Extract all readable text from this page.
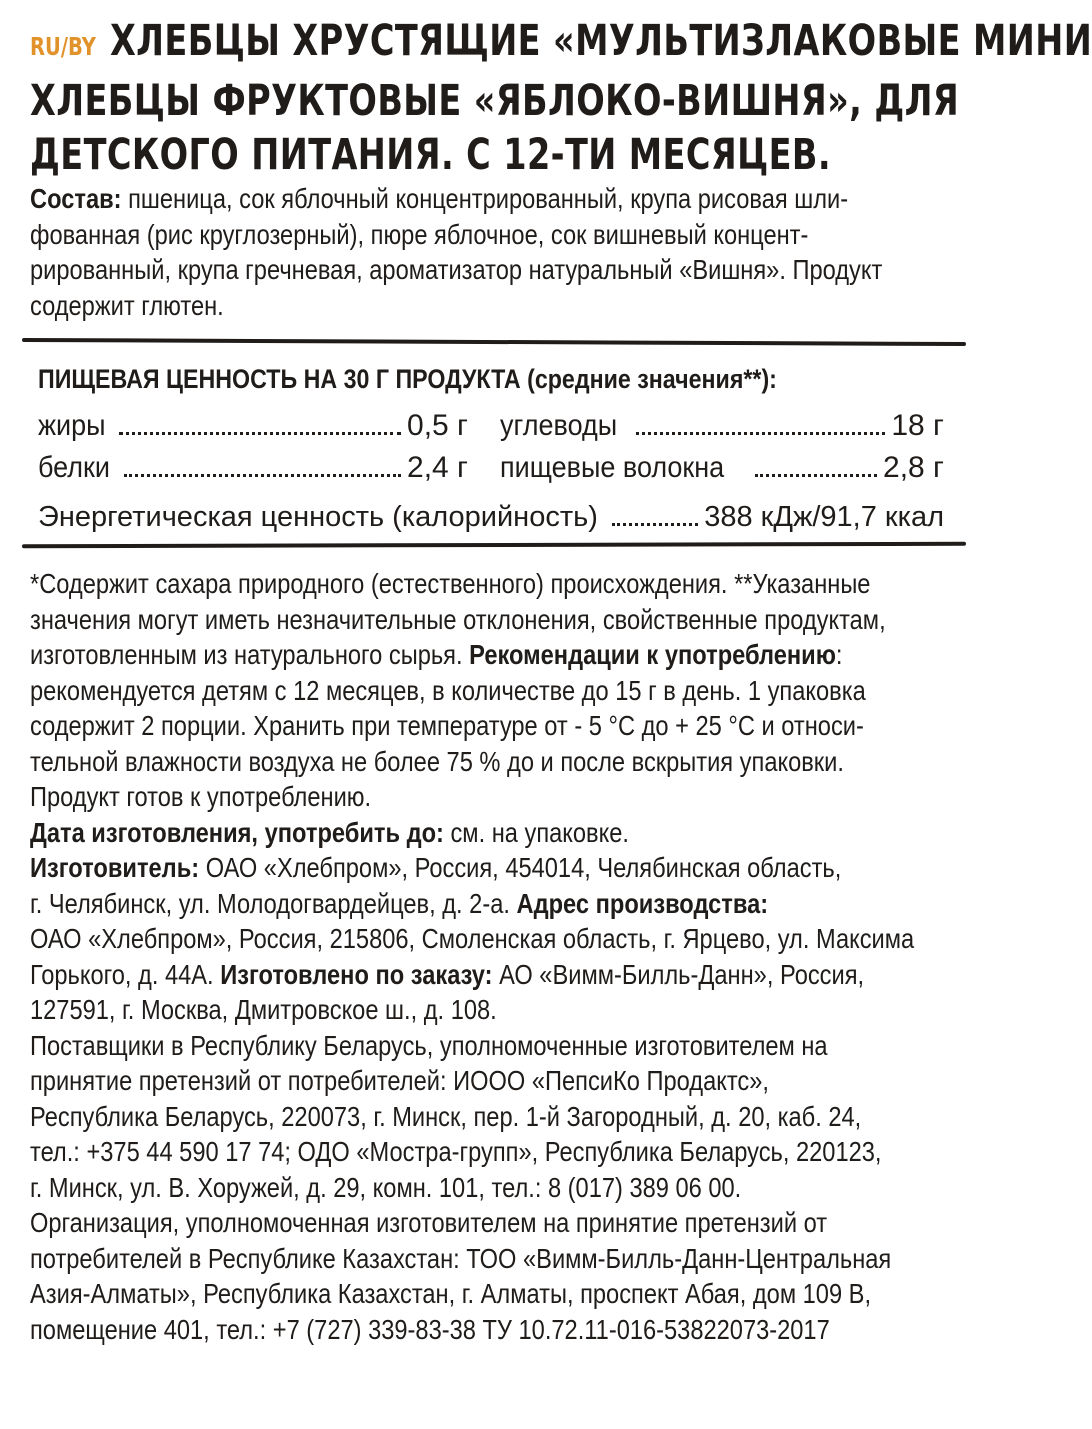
RU/BY ХЛЕБЦЫ ХРУСТЯЩИЕ «МУЛЬТИЗЛАКОВЫЕ МИНИ
ХЛЕБЦЫ ФРУКТОВЫЕ «ЯБЛОКО-ВИШНЯ», ДЛЯ
ДЕТСКОГО ПИТАНИЯ. С 12-ТИ МЕСЯЦЕВ.
Состав: пшеница, сок яблочный концентрированный, крупа рисовая шли-
фованная (рис круглозерный), пюре яблочное, сок вишневый концент-
рированный, крупа гречневая, ароматизатор натуральный «Вишня». Продукт
содержит глютен.
ПИЩЕВАЯ ЦЕННОСТЬ НА 30 Г ПРОДУКТА (средние значения**):
жиры	0,5 г углеводы	18 г
белки	2,4 г пищевые волокна	2,8 г
Энергетическая ценность (калорийность)	388 кДж/91,7 ккал
*Содержит сахара природного (естественного) происхождения. **Указанные
значения могут иметь незначительные отклонения, свойственные продуктам,
изготовленным из натурального сырья. Рекомендации к употреблению:
рекомендуется детям с 12 месяцев, в количестве до 15 г в день. 1 упаковка
содержит 2 порции. Хранить при температуре от - 5 °С до + 25 °С и относи-
тельной влажности воздуха не более 75 % до и после вскрытия упаковки.
Продукт готов к употреблению.
Дата изготовления, употребить до: см. на упаковке.
Изготовитель: ОАО «Хлебпром», Россия, 454014, Челябинская область,
г. Челябинск, ул. Молодогвардейцев, д. 2-а. Адрес производства:
ОАО «Хлебпром», Россия, 215806, Смоленская область, г. Ярцево, ул. Максима
Горького, д. 44А. Изготовлено по заказу: АО «Вимм-Билль-Данн», Россия,
127591, г. Москва, Дмитровское ш., д. 108.
Поставщики в Республику Беларусь, уполномоченные изготовителем на
принятие претензий от потребителей: ИООО «ПепсиКо Продактс»,
Республика Беларусь, 220073, г. Минск, пер. 1-й Загородный, д. 20, каб. 24,
тел.: +375 44 590 17 74; ОДО «Мостра-групп», Республика Беларусь, 220123,
г. Минск, ул. В. Хоружей, д. 29, комн. 101, тел.: 8 (017) 389 06 00.
Организация, уполномоченная изготовителем на принятие претензий от
потребителей в Республике Казахстан: ТОО «Вимм-Билль-Данн-Центральная
Азия-Алматы», Республика Казахстан, г. Алматы, проспект Абая, дом 109 В,
помещение 401, тел.: +7 (727) 339-83-38 ТУ 10.72.11-016-53822073-2017
